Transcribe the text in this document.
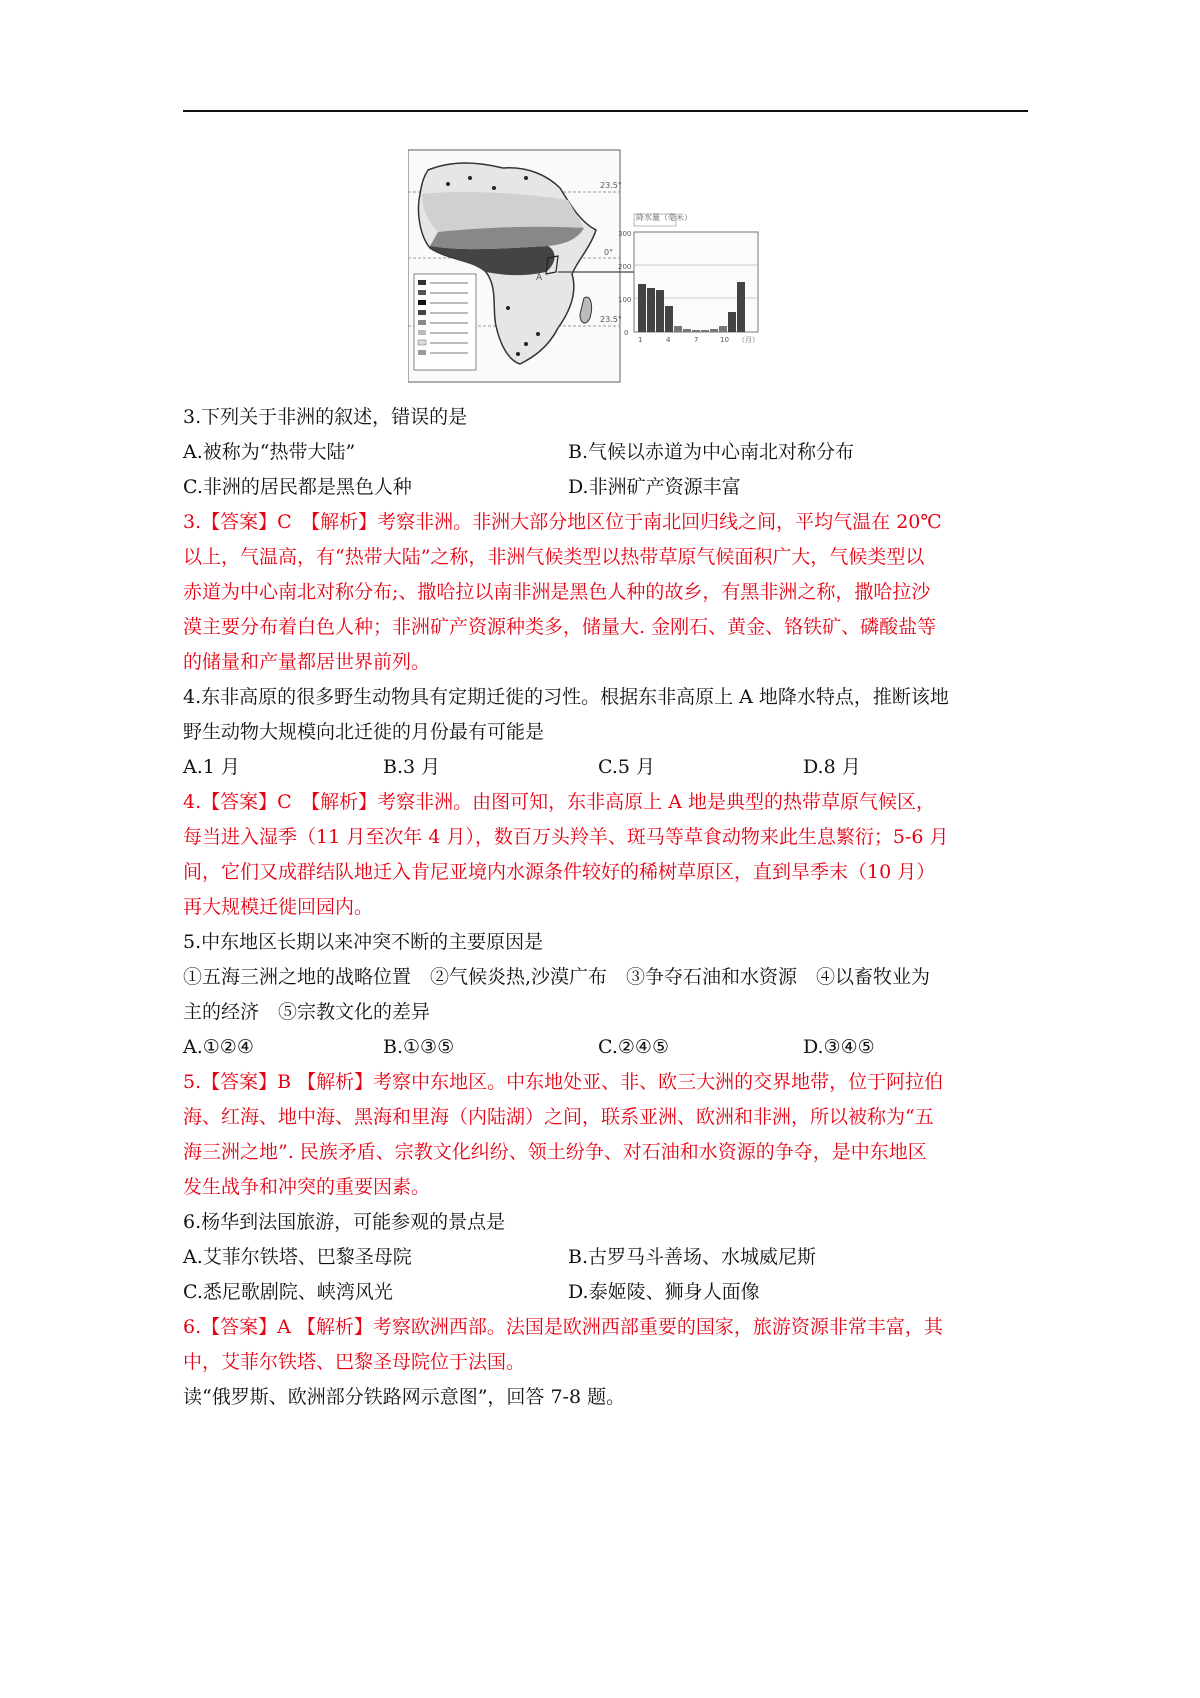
A
23.5°
0°
23.5°
降水量（毫米）
300
200
100
0
1	4	7	10 （月）
3.下列关于非洲的叙述，错误的是
A.被称为“热带大陆”	B.气候以赤道为中心南北对称分布
C.非洲的居民都是黑色人种	D.非洲矿产资源丰富
3.【答案】C　【解析】考察非洲。非洲大部分地区位于南北回归线之间，平均气温在 20℃
以上，气温高，有“热带大陆”之称，非洲气候类型以热带草原气候面积广大，气候类型以
赤道为中心南北对称分布;、撒哈拉以南非洲是黑色人种的故乡，有黑非洲之称，撒哈拉沙
漠主要分布着白色人种；非洲矿产资源种类多，储量大. 金刚石、黄金、铬铁矿、磷酸盐等
的储量和产量都居世界前列。
4.东非高原的很多野生动物具有定期迁徙的习性。根据东非高原上 A 地降水特点，推断该地
野生动物大规模向北迁徙的月份最有可能是
A.1 月	B.3 月	C.5 月	D.8 月
4.【答案】C　【解析】考察非洲。由图可知，东非高原上 A 地是典型的热带草原气候区，
每当进入湿季（11 月至次年 4 月），数百万头羚羊、斑马等草食动物来此生息繁衍；5-6 月
间，它们又成群结队地迁入肯尼亚境内水源条件较好的稀树草原区，直到旱季末（10 月）
再大规模迁徙回园内。
5.中东地区长期以来冲突不断的主要原因是
①五海三洲之地的战略位置　②气候炎热,沙漠广布　③争夺石油和水资源　④以畜牧业为
主的经济　⑤宗教文化的差异
A.①②④	B.①③⑤	C.②④⑤	D.③④⑤
5.【答案】B 【解析】考察中东地区。中东地处亚、非、欧三大洲的交界地带，位于阿拉伯
海、红海、地中海、黑海和里海（内陆湖）之间，联系亚洲、欧洲和非洲，所以被称为“五
海三洲之地”. 民族矛盾、宗教文化纠纷、领土纷争、对石油和水资源的争夺，是中东地区
发生战争和冲突的重要因素。
6.杨华到法国旅游，可能参观的景点是
A.艾菲尔铁塔、巴黎圣母院	B.古罗马斗善场、水城威尼斯
C.悉尼歌剧院、峡湾风光	D.泰姬陵、狮身人面像
6.【答案】A 【解析】考察欧洲西部。法国是欧洲西部重要的国家，旅游资源非常丰富，其
中，艾菲尔铁塔、巴黎圣母院位于法国。
读“俄罗斯、欧洲部分铁路网示意图”，回答 7-8 题。
